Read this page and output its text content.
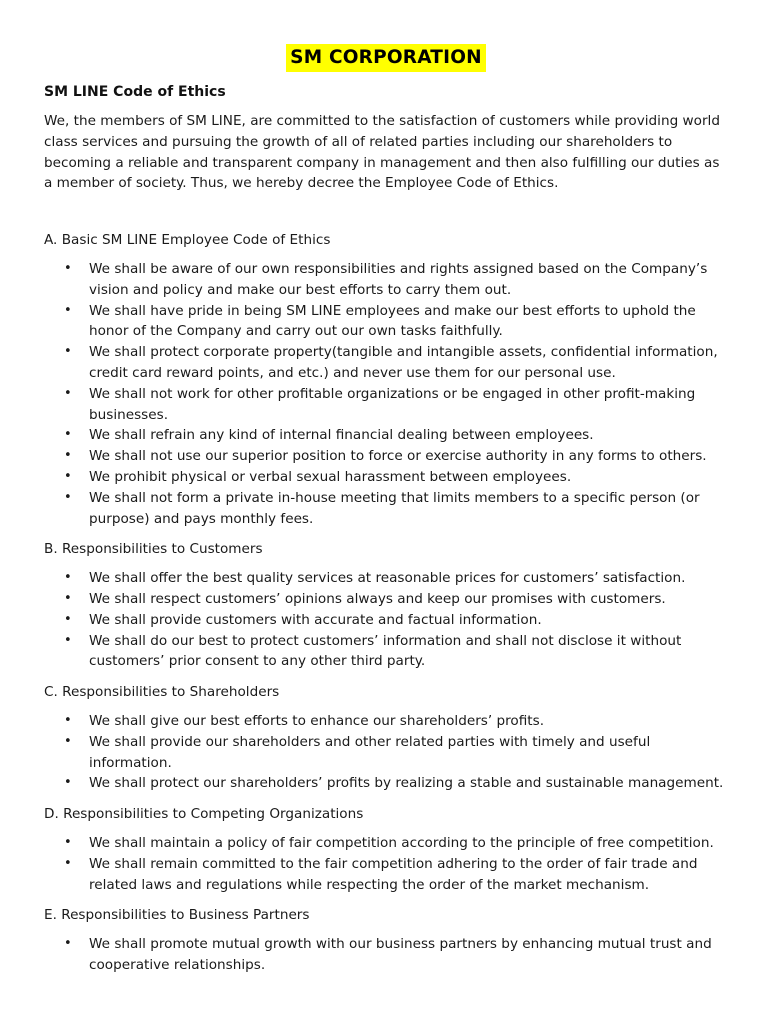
SM CORPORATION
SM LINE Code of Ethics

We, the members of SM LINE, are committed to the satisfaction of customers while providing world class services and pursuing the growth of all of related parties including our shareholders to becoming a reliable and transparent company in management and then also fulfilling our duties as a member of society. Thus, we hereby decree the Employee Code of Ethics.

A. Basic SM LINE Employee Code of Ethics
• We shall be aware of our own responsibilities and rights assigned based on the Company’s vision and policy and make our best efforts to carry them out.
• We shall have pride in being SM LINE employees and make our best efforts to uphold the honor of the Company and carry out our own tasks faithfully.
• We shall protect corporate property(tangible and intangible assets, confidential information, credit card reward points, and etc.) and never use them for our personal use.
• We shall not work for other profitable organizations or be engaged in other profit-making businesses.
• We shall refrain any kind of internal financial dealing between employees.
• We shall not use our superior position to force or exercise authority in any forms to others.
• We prohibit physical or verbal sexual harassment between employees.
• We shall not form a private in-house meeting that limits members to a specific person (or purpose) and pays monthly fees.
B. Responsibilities to Customers
• We shall offer the best quality services at reasonable prices for customers’ satisfaction.
• We shall respect customers’ opinions always and keep our promises with customers.
• We shall provide customers with accurate and factual information.
• We shall do our best to protect customers’ information and shall not disclose it without customers’ prior consent to any other third party.
C. Responsibilities to Shareholders
• We shall give our best efforts to enhance our shareholders’ profits.
• We shall provide our shareholders and other related parties with timely and useful information.
• We shall protect our shareholders’ profits by realizing a stable and sustainable management.
D. Responsibilities to Competing Organizations
• We shall maintain a policy of fair competition according to the principle of free competition.
• We shall remain committed to the fair competition adhering to the order of fair trade and related laws and regulations while respecting the order of the market mechanism.
E. Responsibilities to Business Partners
• We shall promote mutual growth with our business partners by enhancing mutual trust and cooperative relationships.
